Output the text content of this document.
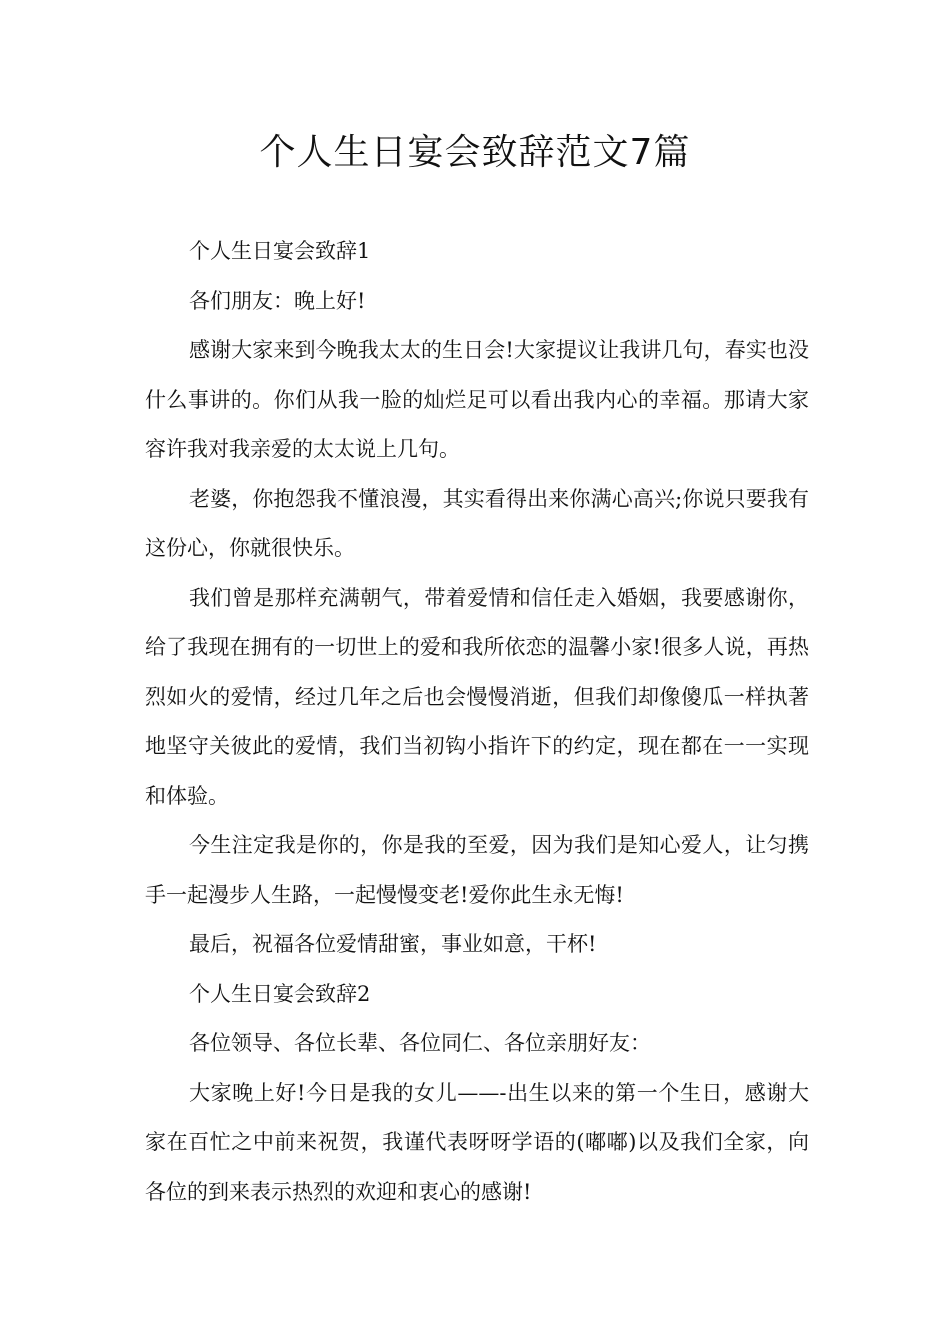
个人生日宴会致辞范文7篇

个人生日宴会致辞1

各们朋友：晚上好!

感谢大家来到今晚我太太的生日会!大家提议让我讲几句，春实也没什么事讲的。你们从我一脸的灿烂足可以看出我内心的幸福。那请大家容许我对我亲爱的太太说上几句。

老婆，你抱怨我不懂浪漫，其实看得出来你满心高兴;你说只要我有这份心，你就很快乐。

我们曾是那样充满朝气，带着爱情和信任走入婚姻，我要感谢你，给了我现在拥有的一切世上的爱和我所依恋的温馨小家!很多人说，再热烈如火的爱情，经过几年之后也会慢慢消逝，但我们却像傻瓜一样执著地坚守关彼此的爱情，我们当初钩小指许下的约定，现在都在一一实现和体验。

今生注定我是你的，你是我的至爱，因为我们是知心爱人，让匀携手一起漫步人生路，一起慢慢变老!爱你此生永无悔!

最后，祝福各位爱情甜蜜，事业如意，干杯!

个人生日宴会致辞2

各位领导、各位长辈、各位同仁、各位亲朋好友：

大家晚上好!今日是我的女儿——-出生以来的第一个生日，感谢大家在百忙之中前来祝贺，我谨代表呀呀学语的(嘟嘟)以及我们全家，向各位的到来表示热烈的欢迎和衷心的感谢!
